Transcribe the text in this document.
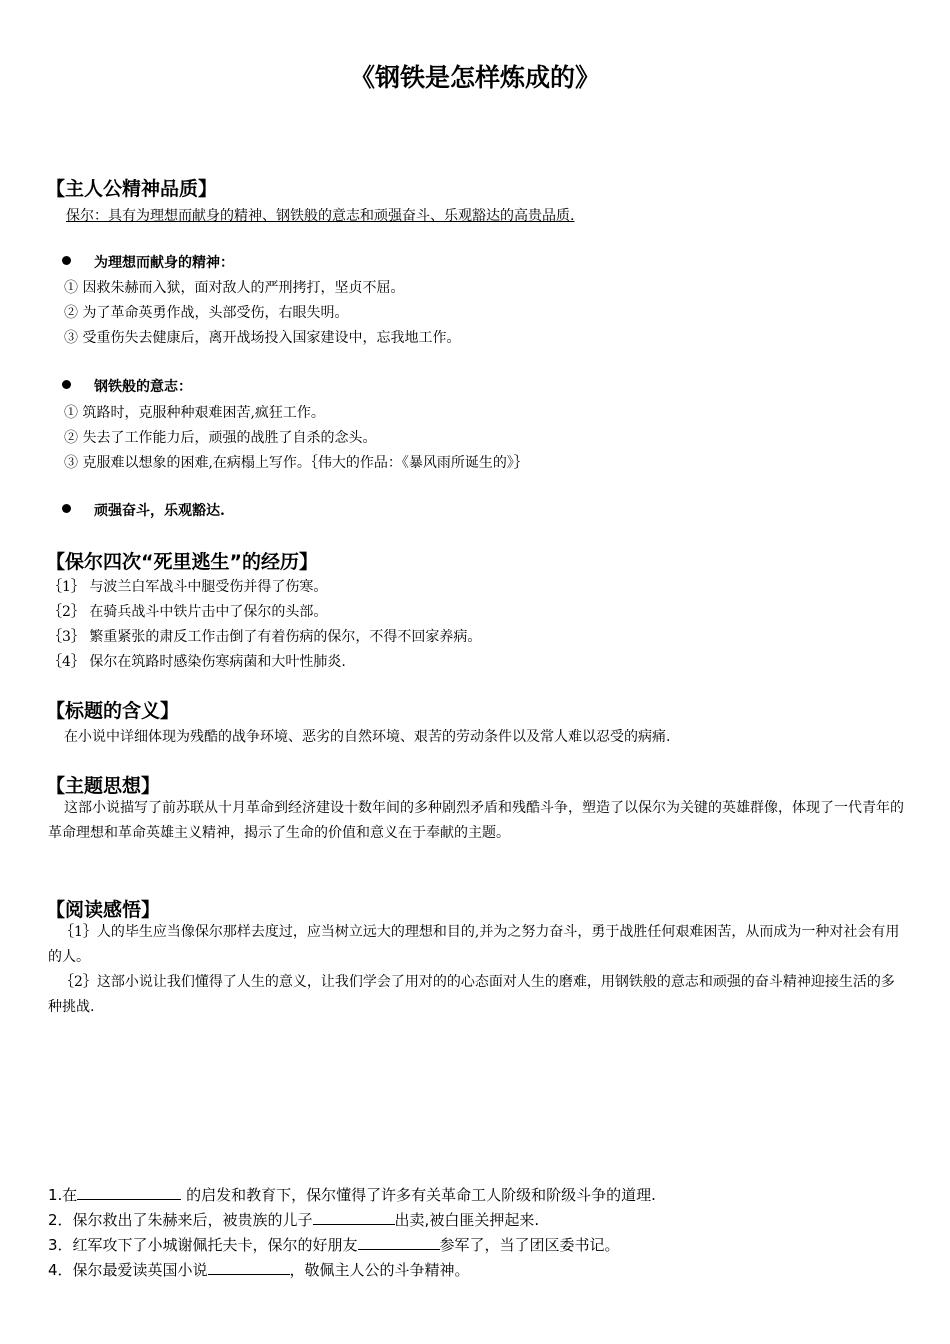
《钢铁是怎样炼成的》
【主人公精神品质】
保尔：具有为理想而献身的精神、钢铁般的意志和顽强奋斗、乐观豁达的高贵品质.
为理想而献身的精神：
① 因救朱赫而入狱，面对敌人的严刑拷打，坚贞不屈。
② 为了革命英勇作战，头部受伤，右眼失明。
③ 受重伤失去健康后，离开战场投入国家建设中，忘我地工作。
钢铁般的意志：
① 筑路时，克服种种艰难困苦,疯狂工作。
② 失去了工作能力后，顽强的战胜了自杀的念头。
③ 克服难以想象的困难,在病榻上写作。｛伟大的作品：《暴风雨所诞生的》｝
顽强奋斗，乐观豁达.
【保尔四次“死里逃生”的经历】
｛1｝ 与波兰白军战斗中腿受伤并得了伤寒。
｛2｝ 在骑兵战斗中铁片击中了保尔的头部。
｛3｝ 繁重紧张的肃反工作击倒了有着伤病的保尔，不得不回家养病。
｛4｝ 保尔在筑路时感染伤寒病菌和大叶性肺炎.
【标题的含义】
在小说中详细体现为残酷的战争环境、恶劣的自然环境、艰苦的劳动条件以及常人难以忍受的病痛.
【主题思想】
这部小说描写了前苏联从十月革命到经济建设十数年间的多种剧烈矛盾和残酷斗争，塑造了以保尔为关键的英雄群像，体现了一代青年的革命理想和革命英雄主义精神，揭示了生命的价值和意义在于奉献的主题。
【阅读感悟】
｛1｝人的毕生应当像保尔那样去度过，应当树立远大的理想和目的,并为之努力奋斗，勇于战胜任何艰难困苦，从而成为一种对社会有用的人。
｛2｝这部小说让我们懂得了人生的意义，让我们学会了用对的的心态面对人生的磨难，用钢铁般的意志和顽强的奋斗精神迎接生活的多种挑战.
1.在	的启发和教育下，保尔懂得了许多有关革命工人阶级和阶级斗争的道理.
2．保尔救出了朱赫来后，被贵族的儿子	出卖,被白匪关押起来.
3．红军攻下了小城谢佩托夫卡，保尔的好朋友	参军了，当了团区委书记。
4．保尔最爱读英国小说	，敬佩主人公的斗争精神。
